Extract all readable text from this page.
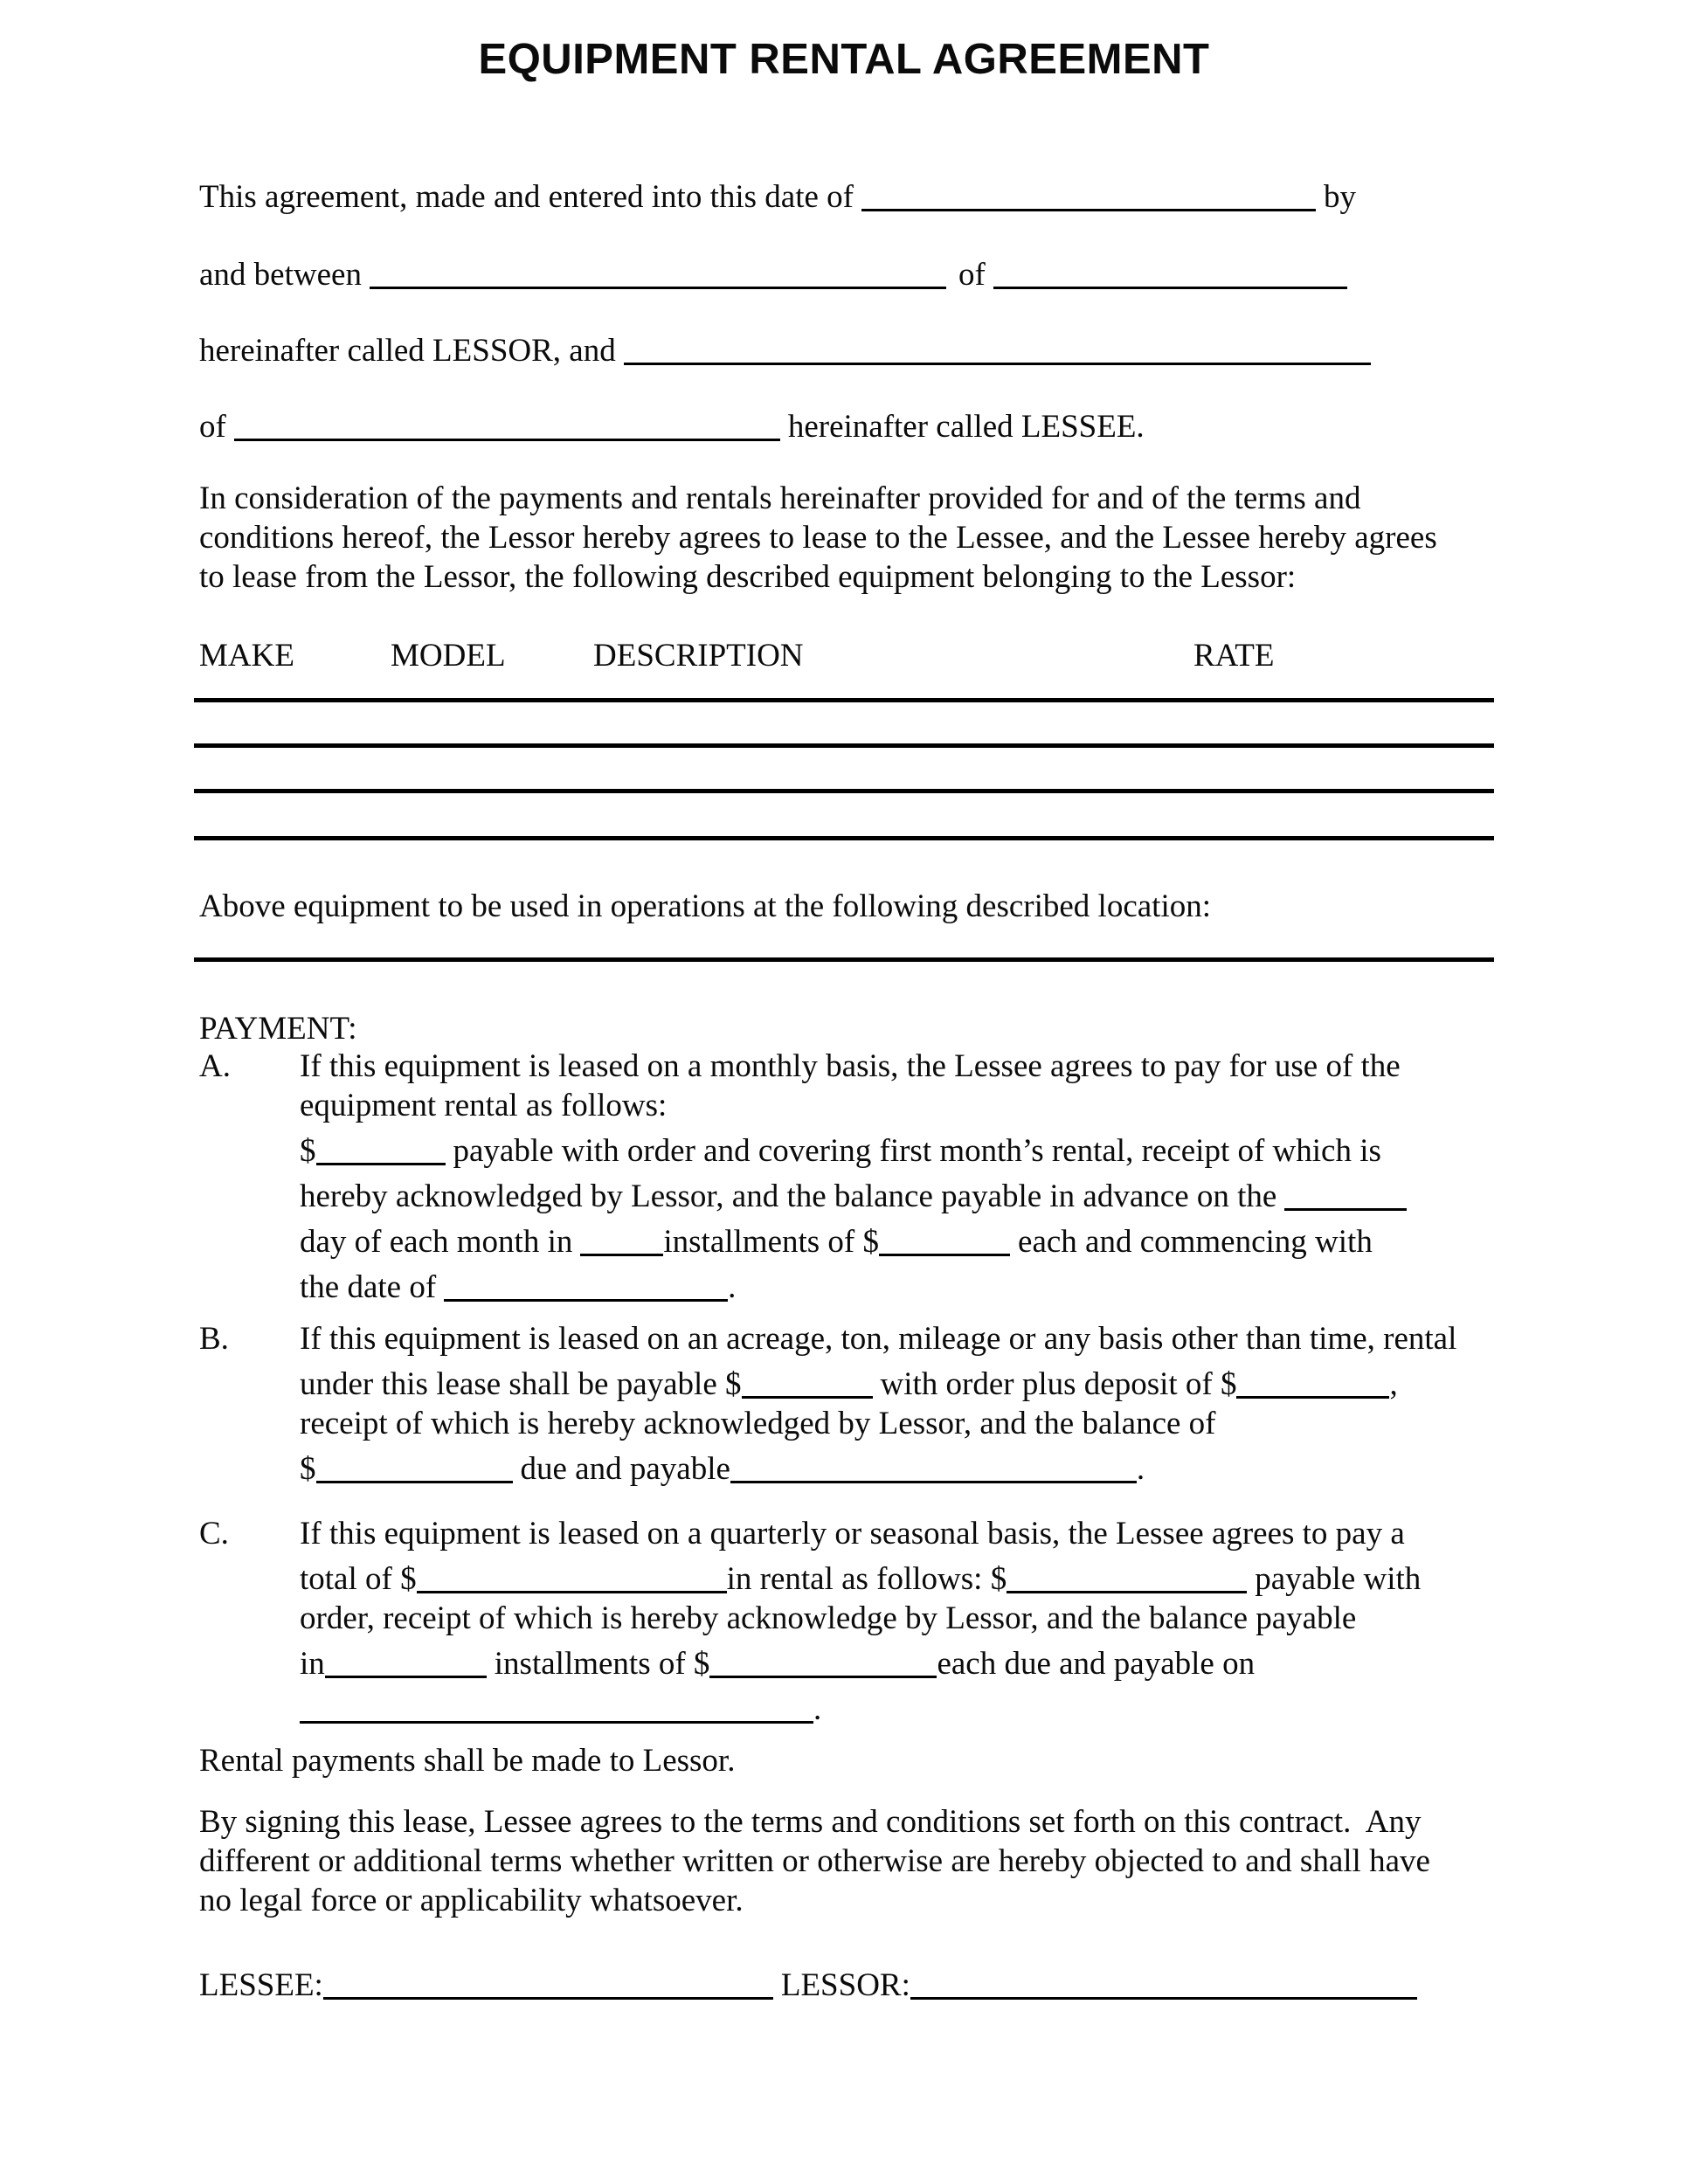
EQUIPMENT RENTAL AGREEMENT
This agreement, made and entered into this date of	by
and between	of
hereinafter called LESSOR, and
of	hereinafter called LESSEE.
In consideration of the payments and rentals hereinafter provided for and of the terms and
conditions hereof, the Lessor hereby agrees to lease to the Lessee, and the Lessee hereby agrees
to lease from the Lessor, the following described equipment belonging to the Lessor:
MAKE	MODEL	DESCRIPTION	RATE
Above equipment to be used in operations at the following described location:
PAYMENT:
A. If this equipment is leased on a monthly basis, the Lessee agrees to pay for use of the
equipment rental as follows:
$	payable with order and covering first month’s rental, receipt of which is
hereby acknowledged by Lessor, and the balance payable in advance on the
day of each month in	installments of $	each and commencing with
the date of	.
B. If this equipment is leased on an acreage, ton, mileage or any basis other than time, rental
under this lease shall be payable $	with order plus deposit of $	,
receipt of which is hereby acknowledged by Lessor, and the balance of
$	due and payable	.
C. If this equipment is leased on a quarterly or seasonal basis, the Lessee agrees to pay a
total of $	in rental as follows: $	payable with
order, receipt of which is hereby acknowledge by Lessor, and the balance payable
in	installments of $	each due and payable on
.
Rental payments shall be made to Lessor.
By signing this lease, Lessee agrees to the terms and conditions set forth on this contract.  Any
different or additional terms whether written or otherwise are hereby objected to and shall have
no legal force or applicability whatsoever.
LESSEE:	LESSOR:
